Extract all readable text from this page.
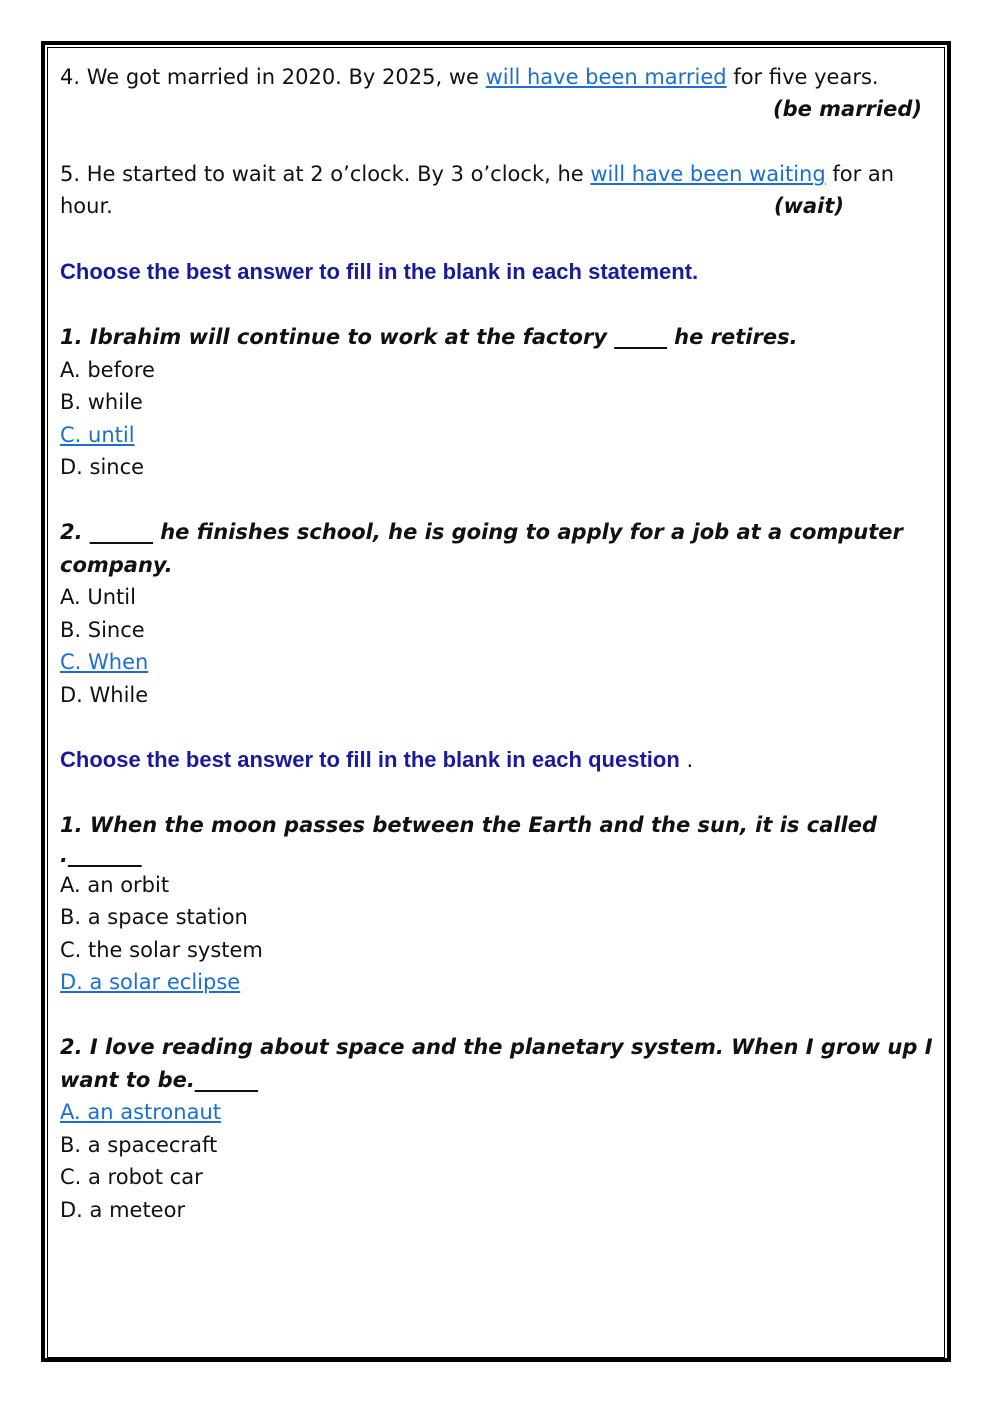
4. We got married in 2020. By 2025, we will have been married for five years.
(be married)
5. He started to wait at 2 o’clock. By 3 o’clock, he will have been waiting for an
hour.	(wait)
Choose the best answer to fill in the blank in each statement.
1. Ibrahim will continue to work at the factory _____ he retires.
A. before
B. while
C. until
D. since
2. ______ he finishes school, he is going to apply for a job at a computer
company.
A. Until
B. Since
C. When
D. While
Choose the best answer to fill in the blank in each question .
1. When the moon passes between the Earth and the sun, it is called
._______
A. an orbit
B. a space station
C. the solar system
D. a solar eclipse
2. I love reading about space and the planetary system. When I grow up I
want to be.______
A. an astronaut
B. a spacecraft
C. a robot car
D. a meteor
